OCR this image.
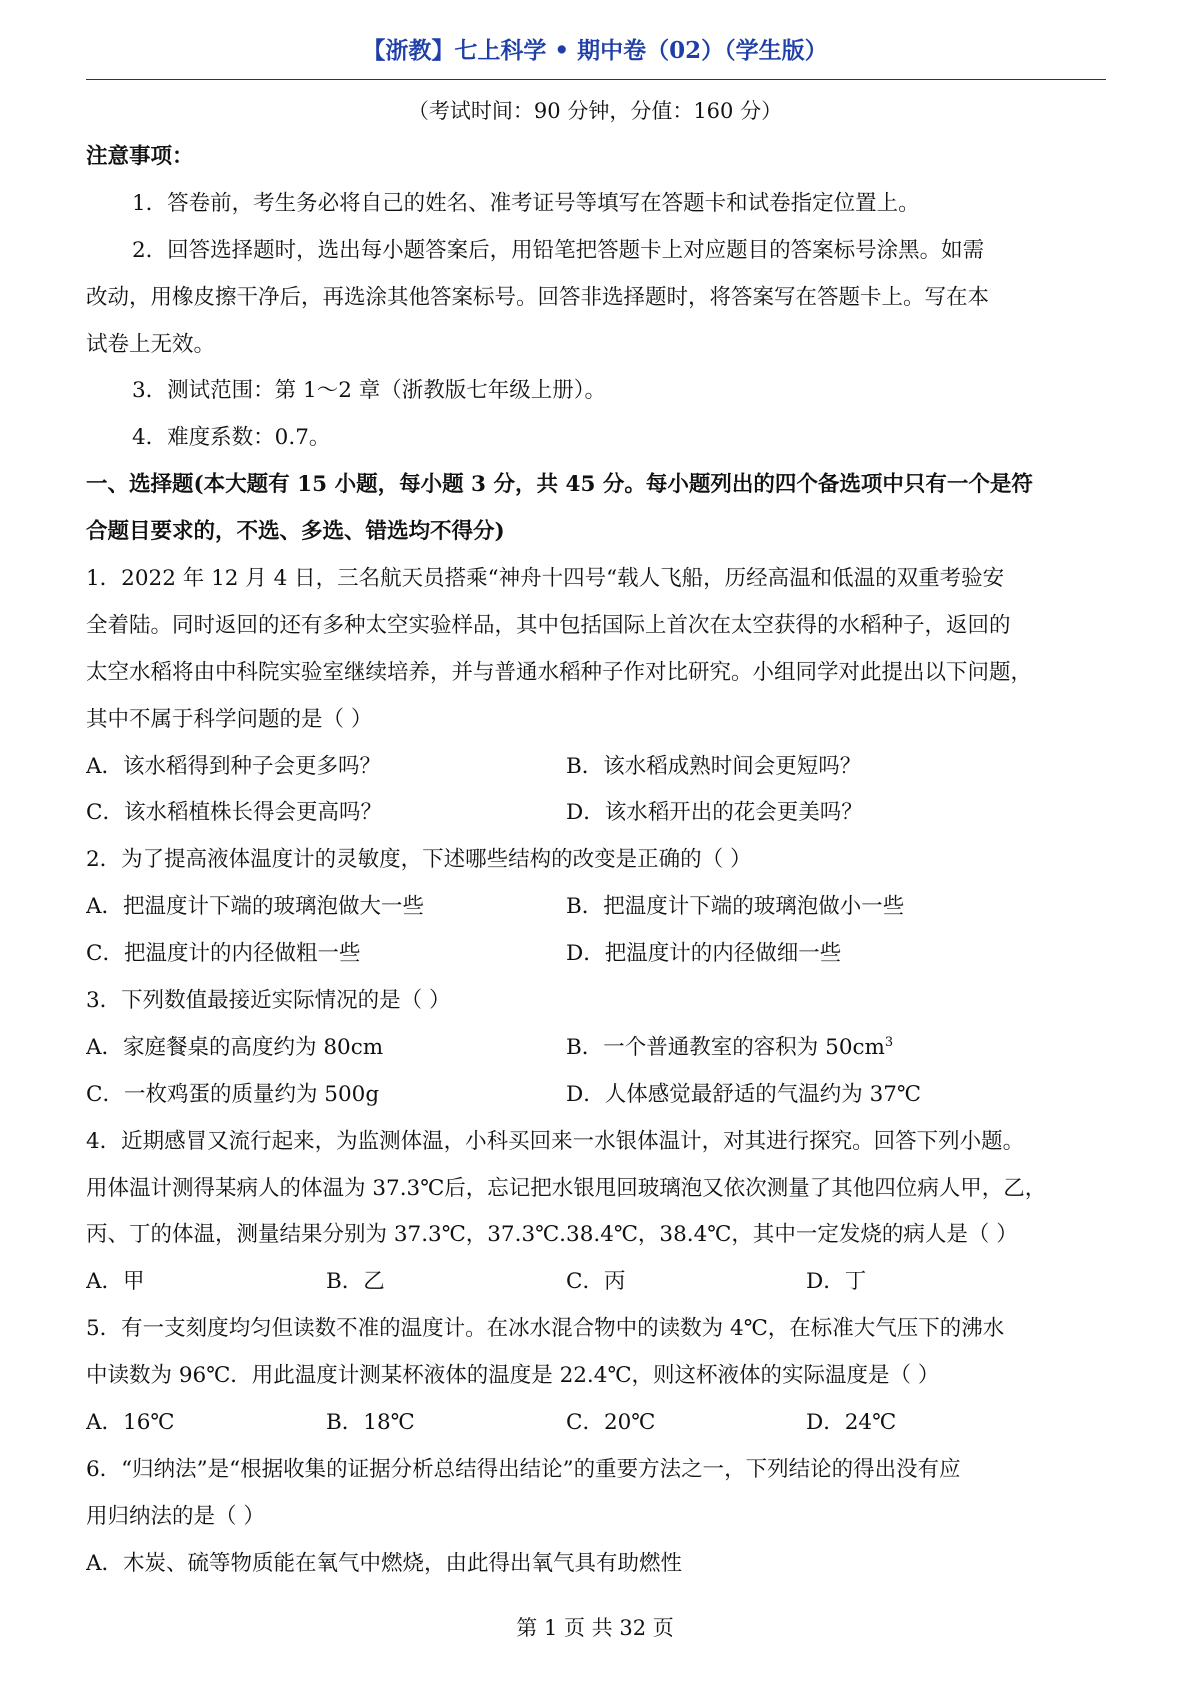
【浙教】七上科学 • 期中卷（02）（学生版）
（考试时间：90 分钟，分值：160 分）
注意事项：
1．答卷前，考生务必将自己的姓名、准考证号等填写在答题卡和试卷指定位置上。
2．回答选择题时，选出每小题答案后，用铅笔把答题卡上对应题目的答案标号涂黑。如需
改动，用橡皮擦干净后，再选涂其他答案标号。回答非选择题时，将答案写在答题卡上。写在本
试卷上无效。
3．测试范围：第 1～2 章（浙教版七年级上册）。
4．难度系数：0.7。
一、选择题(本大题有 15 小题，每小题 3 分，共 45 分。每小题列出的四个备选项中只有一个是符
合题目要求的，不选、多选、错选均不得分)
1．2022 年 12 月 4 日，三名航天员搭乘“神舟十四号“载人飞船，历经高温和低温的双重考验安
全着陆。同时返回的还有多种太空实验样品，其中包括国际上首次在太空获得的水稻种子，返回的
太空水稻将由中科院实验室继续培养，并与普通水稻种子作对比研究。小组同学对此提出以下问题，
其中不属于科学问题的是（ ）
A．该水稻得到种子会更多吗？	B．该水稻成熟时间会更短吗？
C．该水稻植株长得会更高吗？	D．该水稻开出的花会更美吗？
2．为了提高液体温度计的灵敏度，下述哪些结构的改变是正确的（ ）
A．把温度计下端的玻璃泡做大一些	B．把温度计下端的玻璃泡做小一些
C．把温度计的内径做粗一些	D．把温度计的内径做细一些
3．下列数值最接近实际情况的是（ ）
A．家庭餐桌的高度约为 80cm	B．一个普通教室的容积为 $50cm^3$
C．一枚鸡蛋的质量约为 500g	D．人体感觉最舒适的气温约为 37℃
4．近期感冒又流行起来，为监测体温，小科买回来一水银体温计，对其进行探究。回答下列小题。
用体温计测得某病人的体温为 37.3℃后，忘记把水银甩回玻璃泡又依次测量了其他四位病人甲，乙，
丙、丁的体温，测量结果分别为 37.3℃，37.3℃.38.4℃，38.4℃，其中一定发烧的病人是（ ）
A．甲	B．乙	C．丙	D．丁
5．有一支刻度均匀但读数不准的温度计。在冰水混合物中的读数为 4℃，在标准大气压下的沸水
中读数为 96℃．用此温度计测某杯液体的温度是 22.4℃，则这杯液体的实际温度是（ ）
A．16℃	B．18℃	C．20℃	D．24℃
6．“归纳法”是“根据收集的证据分析总结得出结论”的重要方法之一，下列结论的得出没有应
用归纳法的是（ ）
A．木炭、硫等物质能在氧气中燃烧，由此得出氧气具有助燃性
第 1 页 共 32 页
